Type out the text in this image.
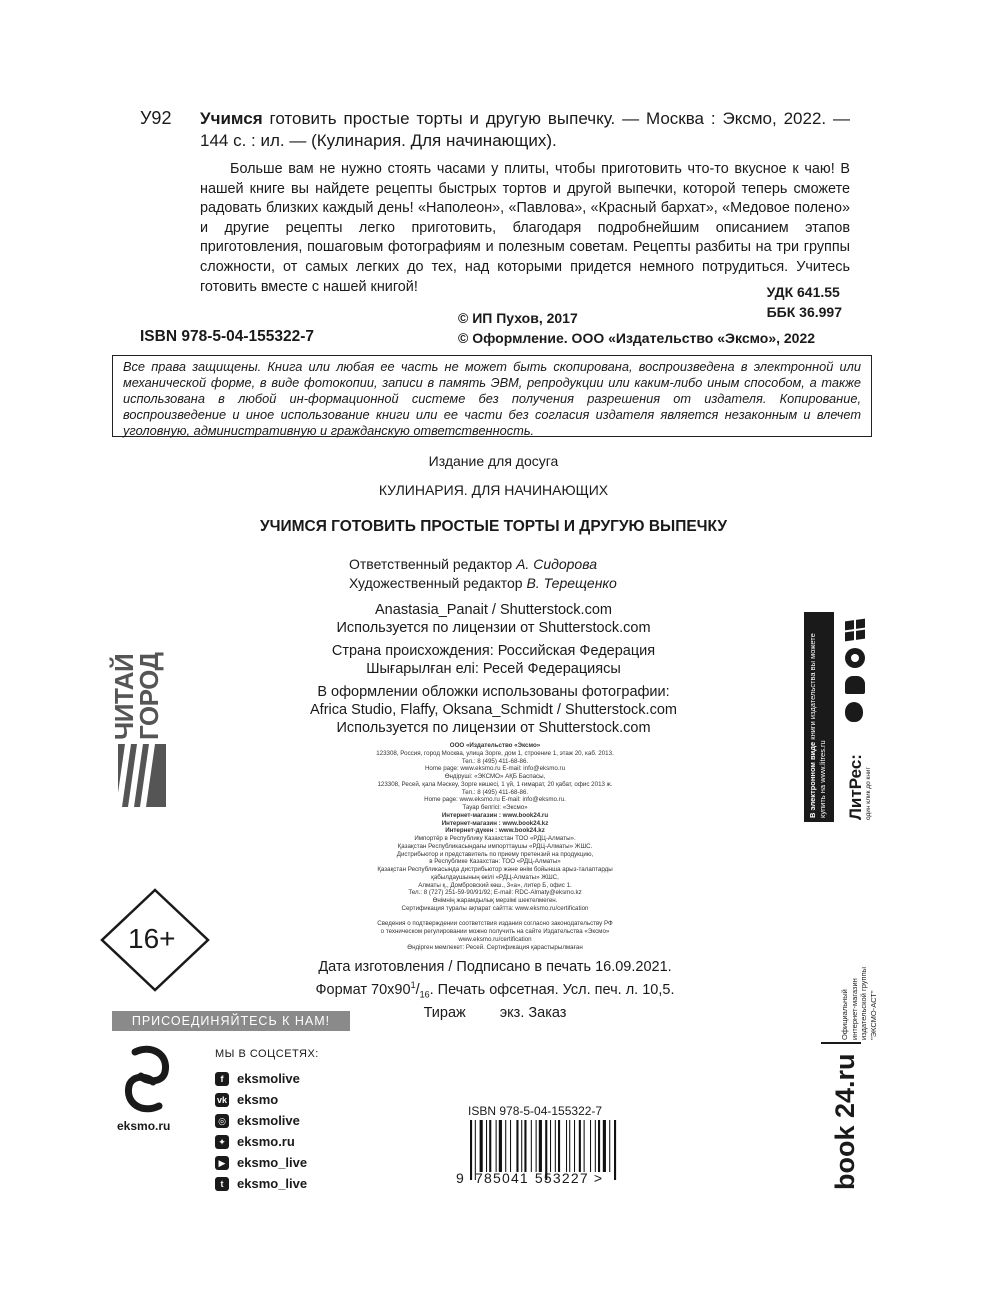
У92 Учимся готовить простые торты и другую выпечку. — Москва : Эксмо, 2022. — 144 с. : ил. — (Кулинария. Для начинающих).
Больше вам не нужно стоять часами у плиты, чтобы приготовить что-то вкусное к чаю! В нашей книге вы найдете рецепты быстрых тортов и другой выпечки, которой теперь сможете радовать близких каждый день! «Наполеон», «Павлова», «Красный бархат», «Медовое полено» и другие рецепты легко приготовить, благодаря подробнейшим описанием этапов приготовления, пошаговым фотографиям и полезным советам. Рецепты разбиты на три группы сложности, от самых легких до тех, над которыми придется немного потрудиться. Учитесь готовить вместе с нашей книгой!	УДК 641.55
ББК 36.997
© ИП Пухов, 2017
© Оформление. ООО «Издательство «Эксмо», 2022
ISBN 978-5-04-155322-7
Все права защищены. Книга или любая ее часть не может быть скопирована, воспроизведена в электронной или механической форме, в виде фотокопии, записи в память ЭВМ, репродукции или каким-либо иным способом, а также использована в любой ин-формационной системе без получения разрешения от издателя. Копирование, воспроизведение и иное использование книги или ее части без согласия издателя является незаконным и влечет уголовную, административную и гражданскую ответственность.
Издание для досуга
КУЛИНАРИЯ. ДЛЯ НАЧИНАЮЩИХ
УЧИМСЯ ГОТОВИТЬ ПРОСТЫЕ ТОРТЫ И ДРУГУЮ ВЫПЕЧКУ
Ответственный редактор А. Сидорова
Художественный редактор В. Терещенко
Anastasia_Panait / Shutterstock.com
Используется по лицензии от Shutterstock.com
Страна происхождения: Российская Федерация
Шығарылған елі: Ресей Федерациясы
В оформлении обложки использованы фотографии:
Africa Studio, Flaffy, Oksana_Schmidt / Shutterstock.com
Используется по лицензии от Shutterstock.com
ООО «Издательство «Эксмо»
123308, Россия, город Москва, улица Зорге, дом 1, строение 1, этаж 20, каб. 2013.
Тел.: 8 (495) 411-68-86.
Home page: www.eksmo.ru E-mail: info@eksmo.ru
Өндіруші: «ЭКСМО» АҚБ Баспасы,
123308, Ресей, қала Мәскеу, Зорге көшесі, 1 үй, 1 ғимарат, 20 қабат, офис 2013 ж.
Тел.: 8 (495) 411-68-86.
Home page: www.eksmo.ru E-mail: info@eksmo.ru.
Тауар белгісі: «Эксмо»
Интернет-магазин : www.book24.ru
Интернет-магазин : www.book24.kz
Интернет-дүкен : www.book24.kz
Импортёр в Республику Казахстан ТОО «РДЦ-Алматы».
Қазақстан Республикасындағы импорттаушы «РДЦ-Алматы» ЖШС.
Дистрибьютор и представитель по приему претензий на продукцию,
в Республике Казахстан: ТОО «РДЦ-Алматы»
Қазақстан Республикасында дистрибьютор және өнім бойынша арыз-талаптарды
қабылдаушының өкілі «РДЦ-Алматы» ЖШС,
Алматы қ., Домбровский көш., 3«а», литер Б, офис 1.
Тел.: 8 (727) 251-59-90/91/92; E-mail: RDC-Almaty@eksmo.kz
Өнімнің жарамдылық мерзімі шектелмеген.
Сертификация туралы ақпарат сайтта: www.eksmo.ru/certification

Сведения о подтверждении соответствия издания согласно законодательству РФ
о техническом регулировании можно получить на сайте Издательства «Эксмо»
www.eksmo.ru/certification
Өндірген мемлекет: Ресей. Сертификация қарастырылмаған
Дата изготовления / Подписано в печать 16.09.2021.
Формат $70x90^1/_{16}$. Печать офсетная. Усл. печ. л. 10,5.
Тираж экз. Заказ
ЧИТАЙ
ГОРОД
16+
ПРИСОЕДИНЯЙТЕСЬ К НАМ!
eksmo.ru
МЫ В СОЦСЕТЯХ:
f	eksmolive
vk eksmo
◎ eksmolive
✦ eksmo.ru
▶ eksmo_live
t	eksmo_live
ISBN 978-5-04-155322-7
9 785041 553227 >
В электронном виде книги издательства вы можете
купить на www.litres.ru ЛитРес: один клик до книг
Официальный интернет-магазин издательской группы "ЭКСМО-АСТ"
book 24.ru
